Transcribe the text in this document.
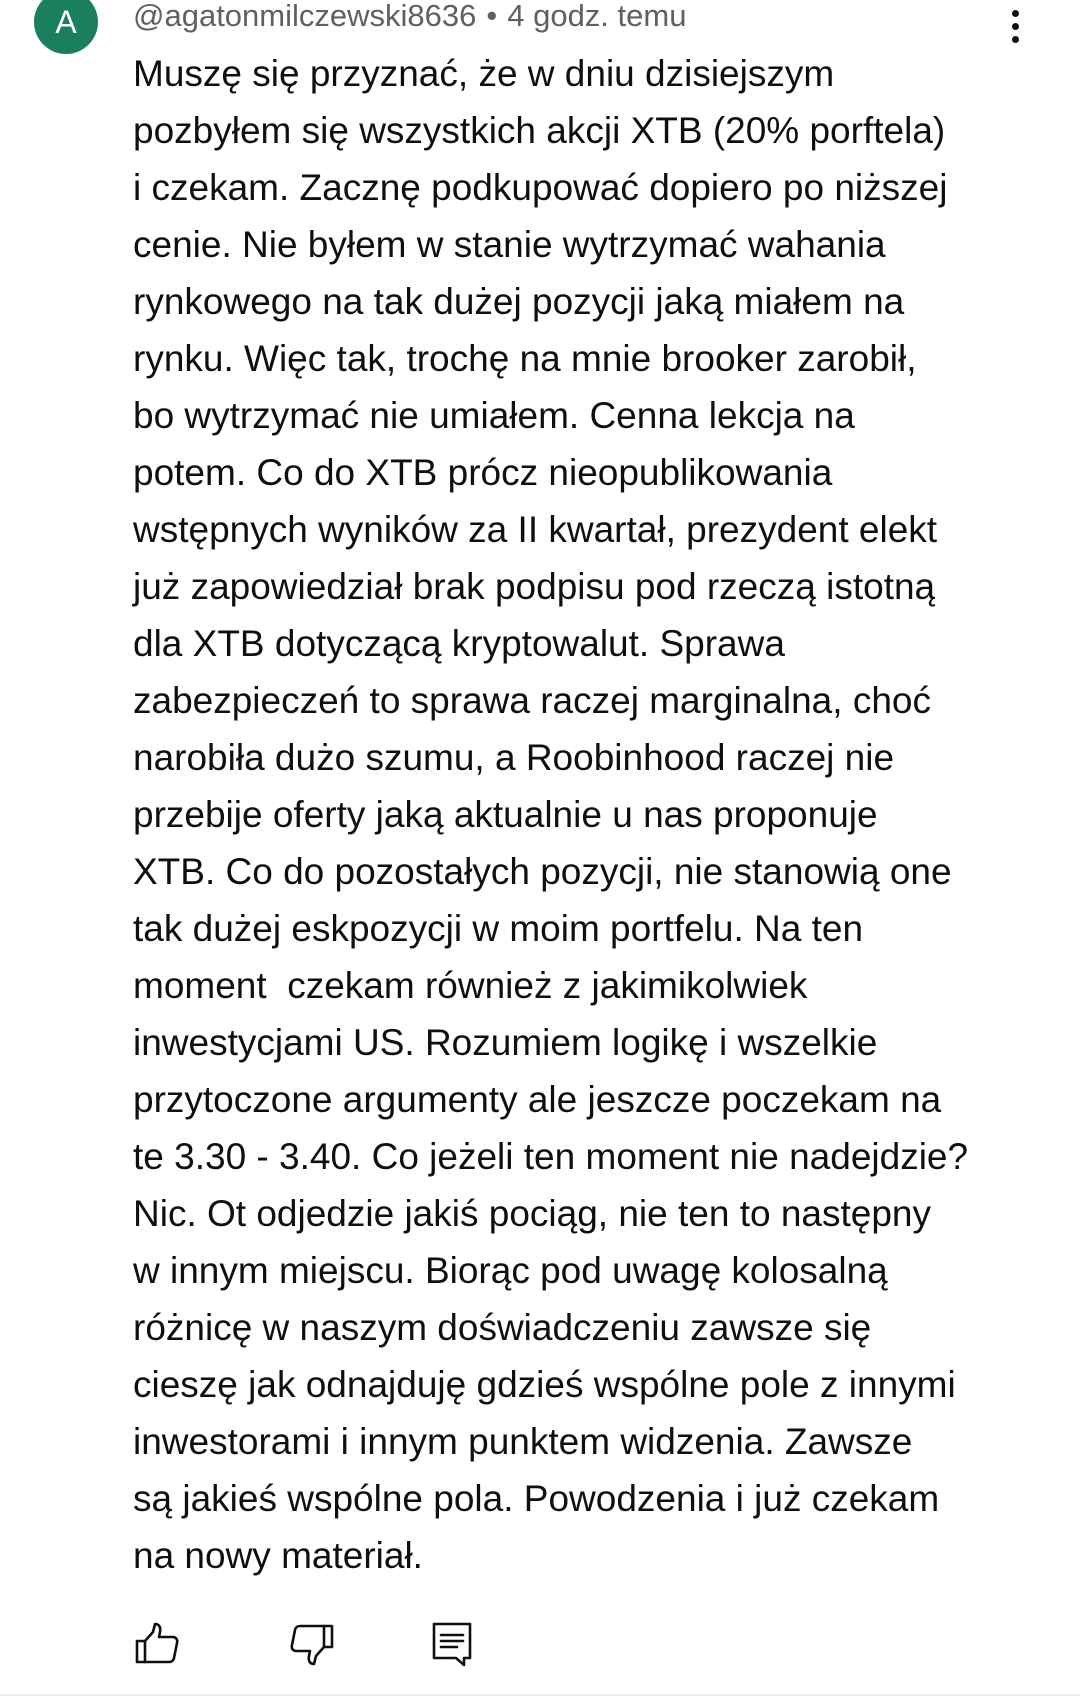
A	@agatonmilczewski8636 • 4 godz. temu

Muszę się przyznać, że w dniu dzisiejszym
pozbyłem się wszystkich akcji XTB (20% porftela)
i czekam. Zacznę podkupować dopiero po niższej
cenie. Nie byłem w stanie wytrzymać wahania
rynkowego na tak dużej pozycji jaką miałem na
rynku. Więc tak, trochę na mnie brooker zarobił,
bo wytrzymać nie umiałem. Cenna lekcja na
potem. Co do XTB prócz nieopublikowania
wstępnych wyników za II kwartał, prezydent elekt
już zapowiedział brak podpisu pod rzeczą istotną
dla XTB dotyczącą kryptowalut. Sprawa
zabezpieczeń to sprawa raczej marginalna, choć
narobiła dużo szumu, a Roobinhood raczej nie
przebije oferty jaką aktualnie u nas proponuje
XTB. Co do pozostałych pozycji, nie stanowią one
tak dużej eskpozycji w moim portfelu. Na ten
moment  czekam również z jakimikolwiek
inwestycjami US. Rozumiem logikę i wszelkie
przytoczone argumenty ale jeszcze poczekam na
te 3.30 - 3.40. Co jeżeli ten moment nie nadejdzie?
Nic. Ot odjedzie jakiś pociąg, nie ten to następny
w innym miejscu. Biorąc pod uwagę kolosalną
różnicę w naszym doświadczeniu zawsze się
cieszę jak odnajduję gdzieś wspólne pole z innymi
inwestorami i innym punktem widzenia. Zawsze
są jakieś wspólne pola. Powodzenia i już czekam
na nowy materiał.
